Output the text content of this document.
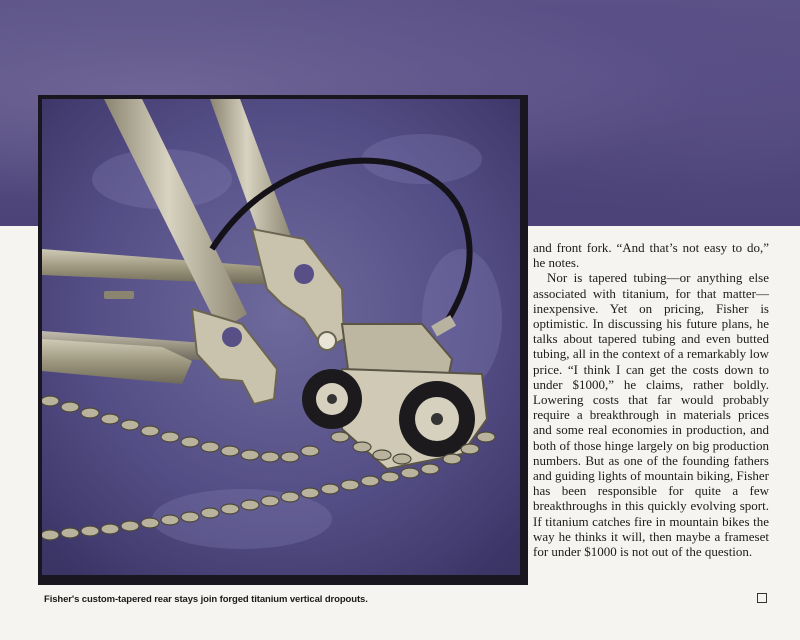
Fisher's custom-tapered rear stays join forged titanium vertical dropouts.

and front fork. “And that’s not easy to do,” he notes.

Nor is tapered tubing—or anything else associated with titanium, for that matter—inexpensive. Yet on pricing, Fisher is optimistic. In discussing his future plans, he talks about tapered tubing and even butted tubing, all in the context of a remarkably low price. “I think I can get the costs down to under $1000,” he claims, rather boldly. Lowering costs that far would probably require a breakthrough in materials prices and some real economies in production, and both of those hinge largely on big production numbers. But as one of the founding fathers and guiding lights of mountain biking, Fisher has been responsible for quite a few breakthroughs in this quickly evolving sport. If titanium catches fire in mountain bikes the way he thinks it will, then maybe a frameset for under $1000 is not out of the question.
